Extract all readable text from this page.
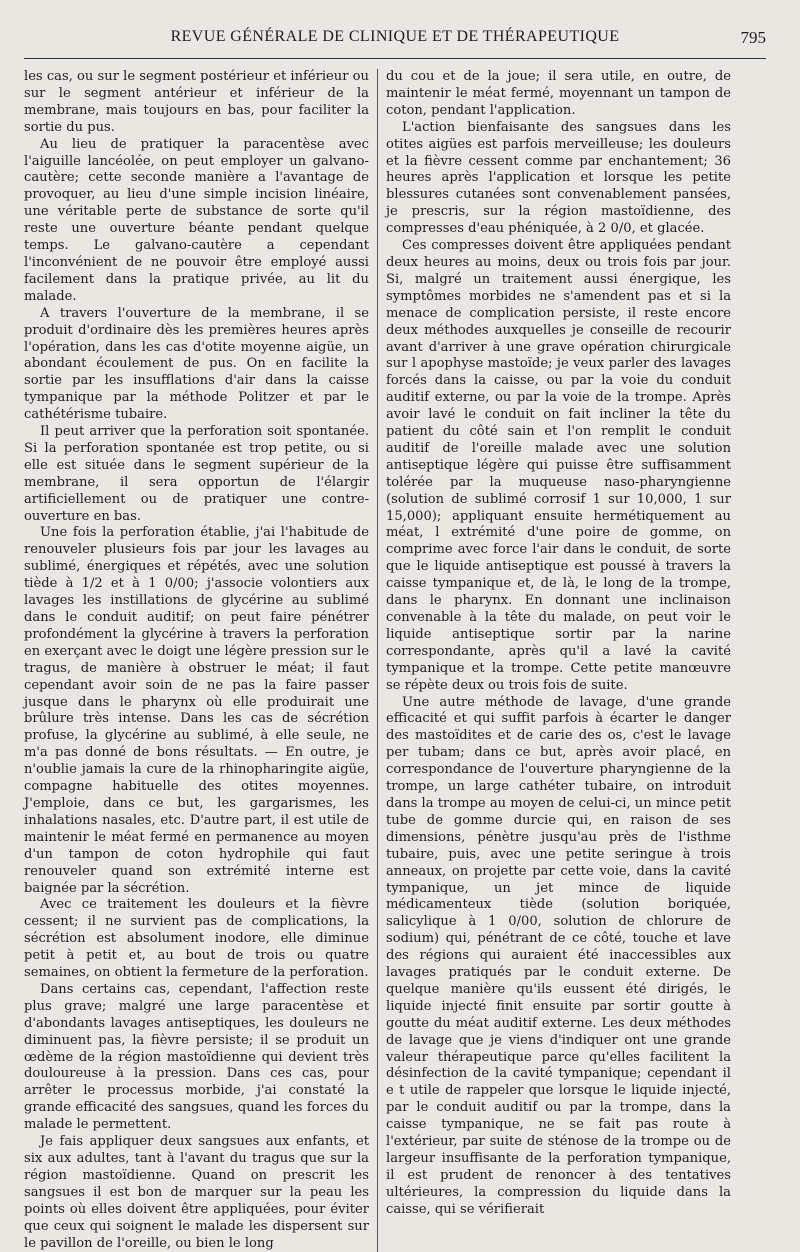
REVUE GÉNÉRALE DE CLINIQUE ET DE THÉRAPEUTIQUE	795

les cas, ou sur le segment postérieur et inférieur ou sur le segment antérieur et inférieur de la membrane, mais toujours en bas, pour faciliter la sortie du pus.

Au lieu de pratiquer la paracentèse avec l'aiguille lancéolée, on peut employer un galvano-cautère; cette seconde manière a l'avantage de provoquer, au lieu d'une simple incision linéaire, une véritable perte de substance de sorte qu'il reste une ouverture béante pendant quelque temps. Le galvano-cautère a cependant l'inconvénient de ne pouvoir être employé aussi facilement dans la pratique privée, au lit du malade.

A travers l'ouverture de la membrane, il se produit d'ordinaire dès les premières heures après l'opération, dans les cas d'otite moyenne aigüe, un abondant écoulement de pus. On en facilite la sortie par les insufflations d'air dans la caisse tympanique par la méthode Politzer et par le cathétérisme tubaire.

Il peut arriver que la perforation soit spontanée. Si la perforation spontanée est trop petite, ou si elle est située dans le segment supérieur de la membrane, il sera opportun de l'élargir artificiellement ou de pratiquer une contre-ouverture en bas.

Une fois la perforation établie, j'ai l'habitude de renouveler plusieurs fois par jour les lavages au sublimé, énergiques et répétés, avec une solution tiède à 1/2 et à 1 0/00; j'associe volontiers aux lavages les instillations de glycérine au sublimé dans le conduit auditif; on peut faire pénétrer profondément la glycérine à travers la perforation en exerçant avec le doigt une légère pression sur le tragus, de manière à obstruer le méat; il faut cependant avoir soin de ne pas la faire passer jusque dans le pharynx où elle produirait une brûlure très intense. Dans les cas de sécrétion profuse, la glycérine au sublimé, à elle seule, ne m'a pas donné de bons résultats. — En outre, je n'oublie jamais la cure de la rhinopharingite aigüe, compagne habituelle des otites moyennes. J'emploie, dans ce but, les gargarismes, les inhalations nasales, etc. D'autre part, il est utile de maintenir le méat fermé en permanence au moyen d'un tampon de coton hydrophile qui faut renouveler quand son extrémité interne est baignée par la sécrétion.

Avec ce traitement les douleurs et la fièvre cessent; il ne survient pas de complications, la sécrétion est absolument inodore, elle diminue petit à petit et, au bout de trois ou quatre semaines, on obtient la fermeture de la perforation.

Dans certains cas, cependant, l'affection reste plus grave; malgré une large paracentèse et d'abondants lavages antiseptiques, les douleurs ne diminuent pas, la fièvre persiste; il se produit un œdème de la région mastoïdienne qui devient très douloureuse à la pression. Dans ces cas, pour arrêter le processus morbide, j'ai constaté la grande efficacité des sangsues, quand les forces du malade le permettent.

Je fais appliquer deux sangsues aux enfants, et six aux adultes, tant à l'avant du tragus que sur la région mastoïdienne. Quand on prescrit les sangsues il est bon de marquer sur la peau les points où elles doivent être appliquées, pour éviter que ceux qui soignent le malade les dispersent sur le pavillon de l'oreille, ou bien le long

du cou et de la joue; il sera utile, en outre, de maintenir le méat fermé, moyennant un tampon de coton, pendant l'application.

L'action bienfaisante des sangsues dans les otites aigües est parfois merveilleuse; les douleurs et la fièvre cessent comme par enchantement; 36 heures après l'application et lorsque les petite blessures cutanées sont convenablement pansées, je prescris, sur la région mastoïdienne, des compresses d'eau phéniquée, à 2 0/0, et glacée.

Ces compresses doivent être appliquées pendant deux heures au moins, deux ou trois fois par jour. Si, malgré un traitement aussi énergique, les symptômes morbides ne s'amendent pas et si la menace de complication persiste, il reste encore deux méthodes auxquelles je conseille de recourir avant d'arriver à une grave opération chirurgicale sur l apophyse mastoïde; je veux parler des lavages forcés dans la caisse, ou par la voie du conduit auditif externe, ou par la voie de la trompe. Après avoir lavé le conduit on fait incliner la tête du patient du côté sain et l'on remplit le conduit auditif de l'oreille malade avec une solution antiseptique légère qui puisse être suffisamment tolérée par la muqueuse naso-pharyngienne (solution de sublimé corrosif 1 sur 10,000, 1 sur 15,000); appliquant ensuite hermétiquement au méat, l extrémité d'une poire de gomme, on comprime avec force l'air dans le conduit, de sorte que le liquide antiseptique est poussé à travers la caisse tympanique et, de là, le long de la trompe, dans le pharynx. En donnant une inclinaison convenable à la tête du malade, on peut voir le liquide antiseptique sortir par la narine correspondante, après qu'il a lavé la cavité tympanique et la trompe. Cette petite manœuvre se répète deux ou trois fois de suite.

Une autre méthode de lavage, d'une grande efficacité et qui suffit parfois à écarter le danger des mastoïdites et de carie des os, c'est le lavage per tubam; dans ce but, après avoir placé, en correspondance de l'ouverture pharyngienne de la trompe, un large cathéter tubaire, on introduit dans la trompe au moyen de celui-ci, un mince petit tube de gomme durcie qui, en raison de ses dimensions, pénètre jusqu'au près de l'isthme tubaire, puis, avec une petite seringue à trois anneaux, on projette par cette voie, dans la cavité tympanique, un jet mince de liquide médicamenteux tiède (solution boriquée, salicylique à 1 0/00, solution de chlorure de sodium) qui, pénétrant de ce côté, touche et lave des régions qui auraient été inaccessibles aux lavages pratiqués par le conduit externe. De quelque manière qu'ils eussent été dirigés, le liquide injecté finit ensuite par sortir goutte à goutte du méat auditif externe. Les deux méthodes de lavage que je viens d'indiquer ont une grande valeur thérapeutique parce qu'elles facilitent la désinfection de la cavité tympanique; cependant il e t utile de rappeler que lorsque le liquide injecté, par le conduit auditif ou par la trompe, dans la caisse tympanique, ne se fait pas route à l'extérieur, par suite de sténose de la trompe ou de largeur insuffisante de la perforation tympanique, il est prudent de renoncer à des tentatives ultérieures, la compression du liquide dans la caisse, qui se vérifierait
